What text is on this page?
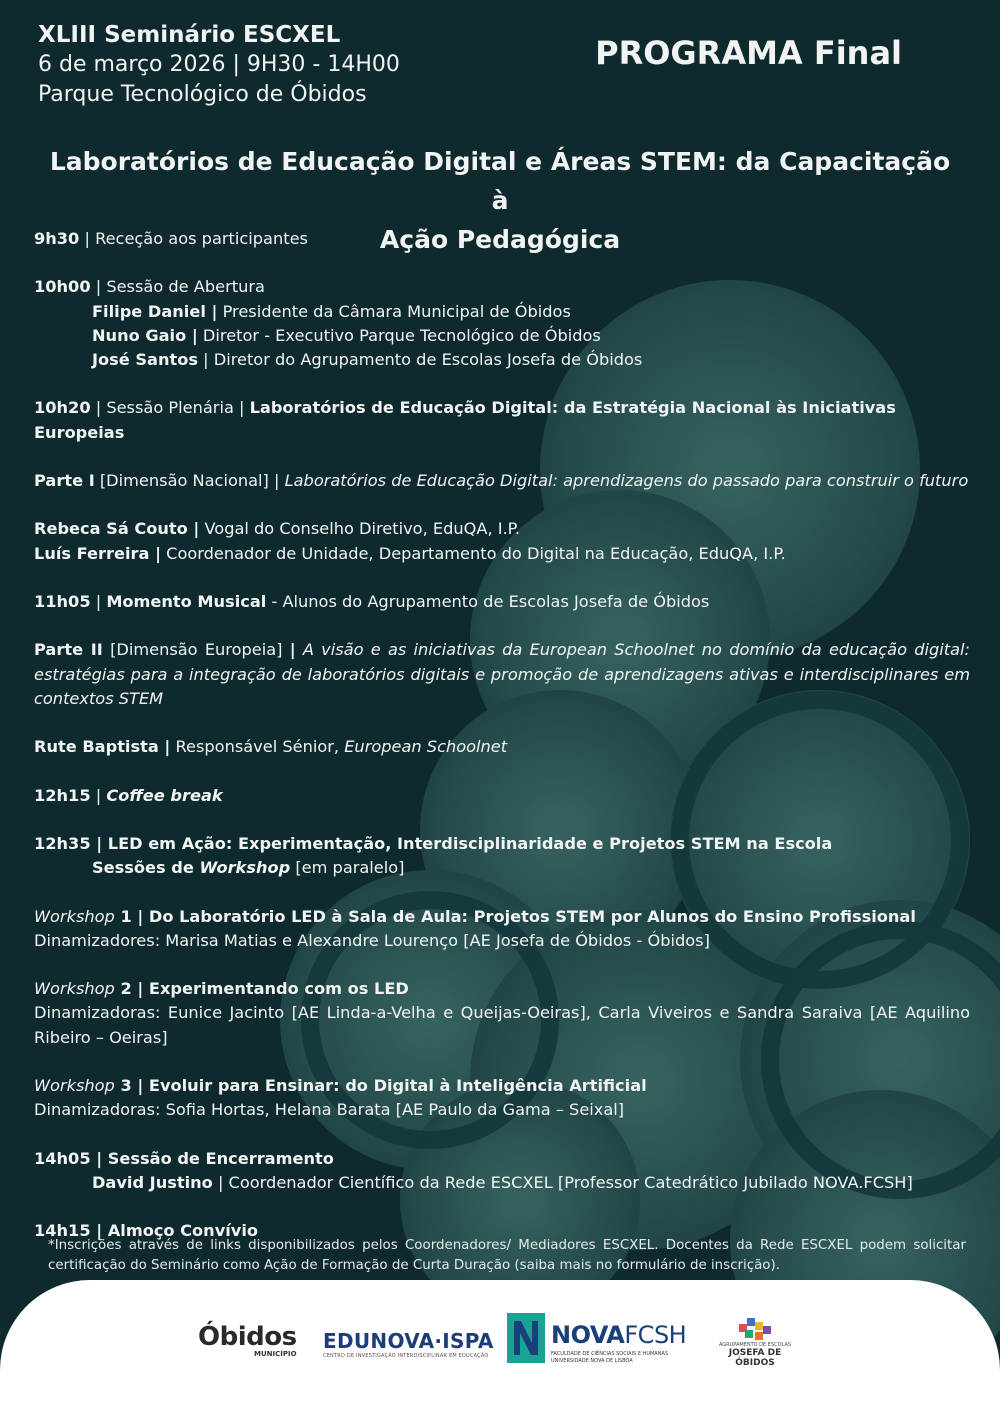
XLIII Seminário ESCXEL
6 de março 2026 | 9H30 - 14H00
Parque Tecnológico de Óbidos
PROGRAMA Final
Laboratórios de Educação Digital e Áreas STEM: da Capacitação à
Ação Pedagógica

9h30 | Receção aos participantes

10h00 | Sessão de Abertura

Filipe Daniel | Presidente da Câmara Municipal de Óbidos

Nuno Gaio | Diretor - Executivo Parque Tecnológico de Óbidos

José Santos | Diretor do Agrupamento de Escolas Josefa de Óbidos

10h20 | Sessão Plenária | Laboratórios de Educação Digital: da Estratégia Nacional às Iniciativas Europeias

Parte I [Dimensão Nacional] | Laboratórios de Educação Digital: aprendizagens do passado para construir o futuro

Rebeca Sá Couto | Vogal do Conselho Diretivo, EduQA, I.P.

Luís Ferreira | Coordenador de Unidade, Departamento do Digital na Educação, EduQA, I.P.

11h05 | Momento Musical - Alunos do Agrupamento de Escolas Josefa de Óbidos

Parte II [Dimensão Europeia] | A visão e as iniciativas da European Schoolnet no domínio da educação digital: estratégias para a integração de laboratórios digitais e promoção de aprendizagens ativas e interdisciplinares em contextos STEM

Rute Baptista | Responsável Sénior, European Schoolnet

12h15 | Coffee break

12h35 | LED em Ação: Experimentação, Interdisciplinaridade e Projetos STEM na Escola

Sessões de Workshop [em paralelo]

Workshop 1 | Do Laboratório LED à Sala de Aula: Projetos STEM por Alunos do Ensino Profissional

Dinamizadores: Marisa Matias e Alexandre Lourenço [AE Josefa de Óbidos - Óbidos]

Workshop 2 | Experimentando com os LED

Dinamizadoras: Eunice Jacinto [AE Linda-a-Velha e Queijas-Oeiras], Carla Viveiros e Sandra Saraiva [AE Aquilino Ribeiro – Oeiras]

Workshop 3 | Evoluir para Ensinar: do Digital à Inteligência Artificial

Dinamizadoras: Sofia Hortas, Helana Barata [AE Paulo da Gama – Seixal]

14h05 | Sessão de Encerramento

David Justino | Coordenador Científico da Rede ESCXEL [Professor Catedrático Jubilado NOVA.FCSH]

14h15 | Almoço Convívio

*Inscrições através de links disponibilizados pelos Coordenadores/ Mediadores ESCXEL. Docentes da Rede ESCXEL podem solicitar certificação do Seminário como Ação de Formação de Curta Duração (saiba mais no formulário de inscrição).
Óbidos
MUNICÍPIO
EDUNOVA·ISPA
CENTRO DE INVESTIGAÇÃO INTERDISCIPLINAR EM EDUCAÇÃO
NOVAFCSH
FACULDADE DE CIÊNCIAS SOCIAIS E HUMANAS
UNIVERSIDADE NOVA DE LISBOA
AGRUPAMENTO DE ESCOLAS
JOSEFA DE ÓBIDOS
